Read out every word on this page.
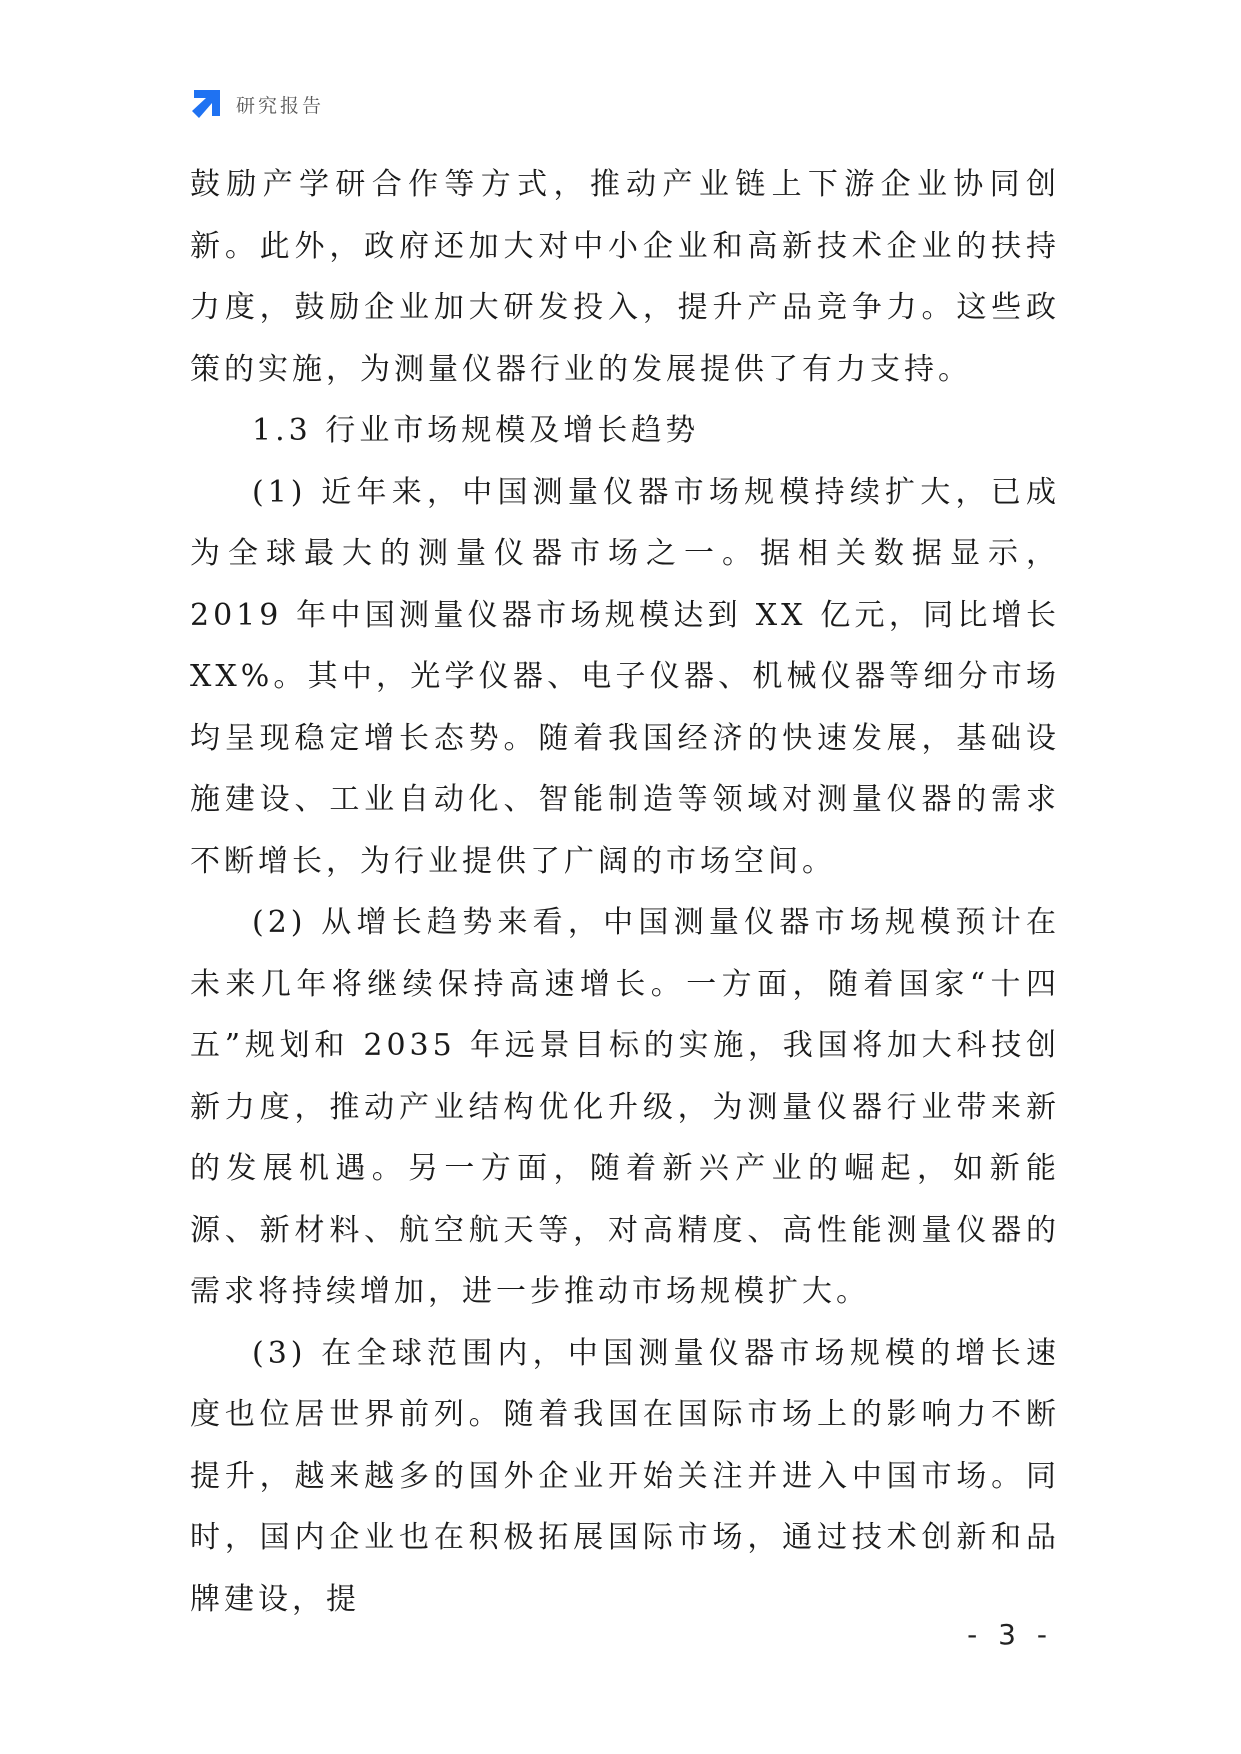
研究报告

鼓励产学研合作等方式，推动产业链上下游企业协同创新。此外，政府还加大对中小企业和高新技术企业的扶持力度，鼓励企业加大研发投入，提升产品竞争力。这些政策的实施，为测量仪器行业的发展提供了有力支持。

1.3 行业市场规模及增长趋势

(1) 近年来，中国测量仪器市场规模持续扩大，已成为全球最大的测量仪器市场之一。据相关数据显示，2019 年中国测量仪器市场规模达到 XX 亿元，同比增长 XX%。其中，光学仪器、电子仪器、机械仪器等细分市场均呈现稳定增长态势。随着我国经济的快速发展，基础设施建设、工业自动化、智能制造等领域对测量仪器的需求不断增长，为行业提供了广阔的市场空间。

(2) 从增长趋势来看，中国测量仪器市场规模预计在未来几年将继续保持高速增长。一方面，随着国家“十四五”规划和 2035 年远景目标的实施，我国将加大科技创新力度，推动产业结构优化升级，为测量仪器行业带来新的发展机遇。另一方面，随着新兴产业的崛起，如新能源、新材料、航空航天等，对高精度、高性能测量仪器的需求将持续增加，进一步推动市场规模扩大。

(3) 在全球范围内，中国测量仪器市场规模的增长速度也位居世界前列。随着我国在国际市场上的影响力不断提升，越来越多的国外企业开始关注并进入中国市场。同时，国内企业也在积极拓展国际市场，通过技术创新和品牌建设，提

- 3 -
